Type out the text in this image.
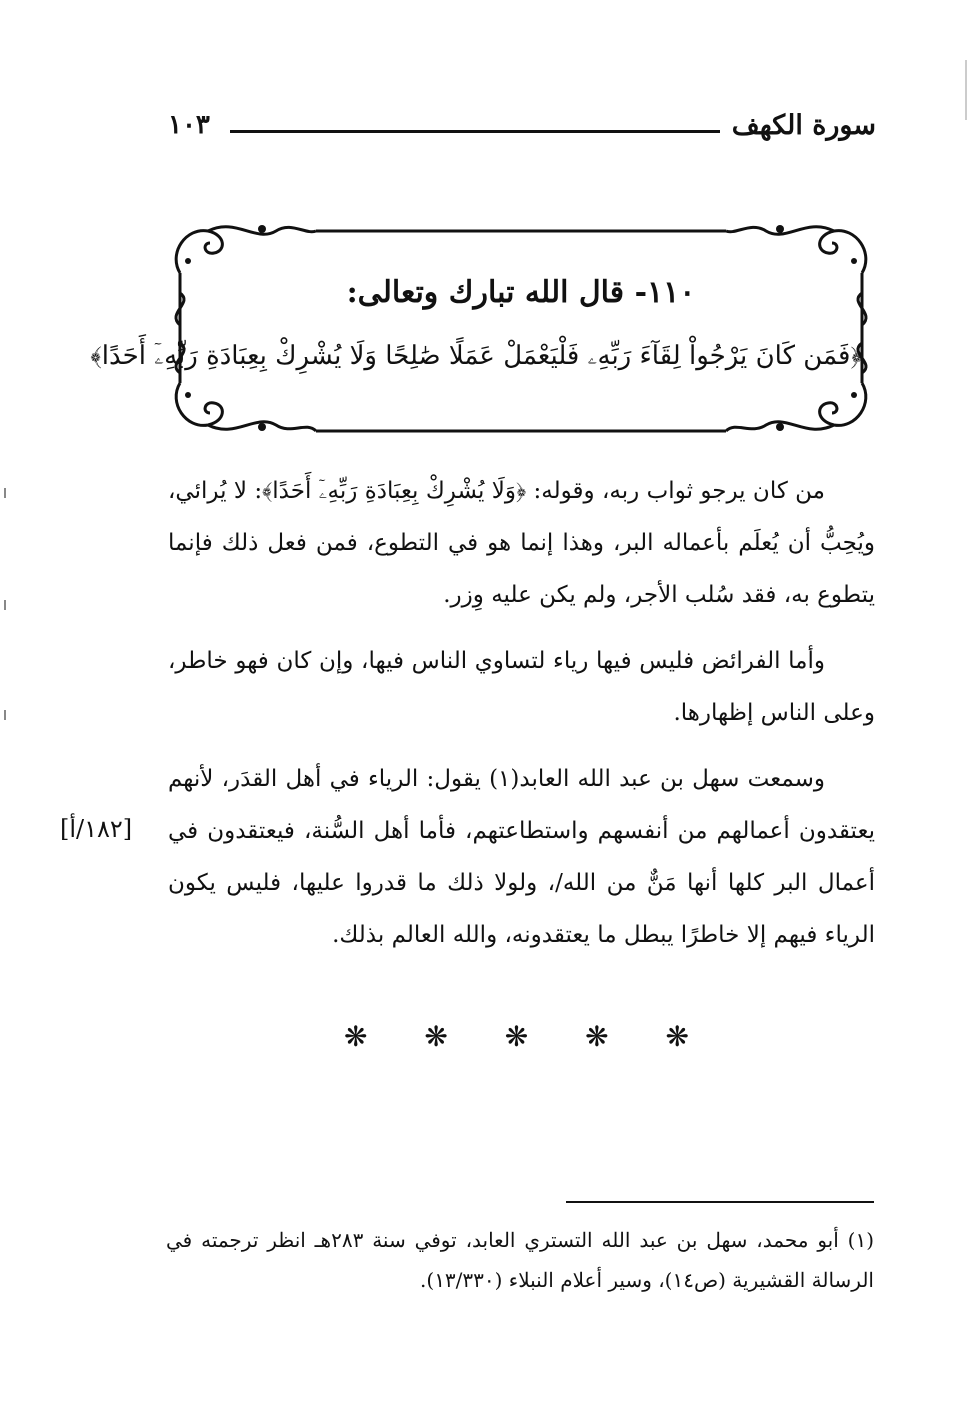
سورة الكهف
١٠٣
١١٠- قال الله تبارك وتعالى:
﴿فَمَن كَانَ يَرْجُواْ لِقَآءَ رَبِّهِۦ فَلْيَعْمَلْ عَمَلًا صَٰلِحًا وَلَا يُشْرِكْ بِعِبَادَةِ رَبِّهِۦٓ أَحَدًا﴾

من كان يرجو ثواب ربه، وقوله: ﴿وَلَا يُشْرِكْ بِعِبَادَةِ رَبِّهِۦٓ أَحَدًا﴾: لا يُرائي، ويُحِبُّ أن يُعلَم بأعماله البر، وهذا إنما هو في التطوع، فمن فعل ذلك فإنما يتطوع به، فقد سُلب الأجر، ولم يكن عليه وِزر.

وأما الفرائض فليس فيها رياء لتساوي الناس فيها، وإن كان فهو خاطر، وعلى الناس إظهارها.

وسمعت سهل بن عبد الله العابد(١) يقول: الرياء في أهل القدَر، لأنهم يعتقدون أعمالهم من أنفسهم واستطاعتهم، فأما أهل السُّنة، فيعتقدون في أعمال البر كلها أنها مَنٌّ من الله/، ولولا ذلك ما قدروا عليها، فليس يكون الرياء فيهم إلا خاطرًا يبطل ما يعتقدونه، والله العالم بذلك.

[١٨٢/أ]
❋ ❋ ❋ ❋ ❋
(١) أبو محمد، سهل بن عبد الله التستري العابد، توفي سنة ٢٨٣هـ انظر ترجمته في الرسالة القشيرية (ص١٤)، وسير أعلام النبلاء (١٣/٣٣٠).
